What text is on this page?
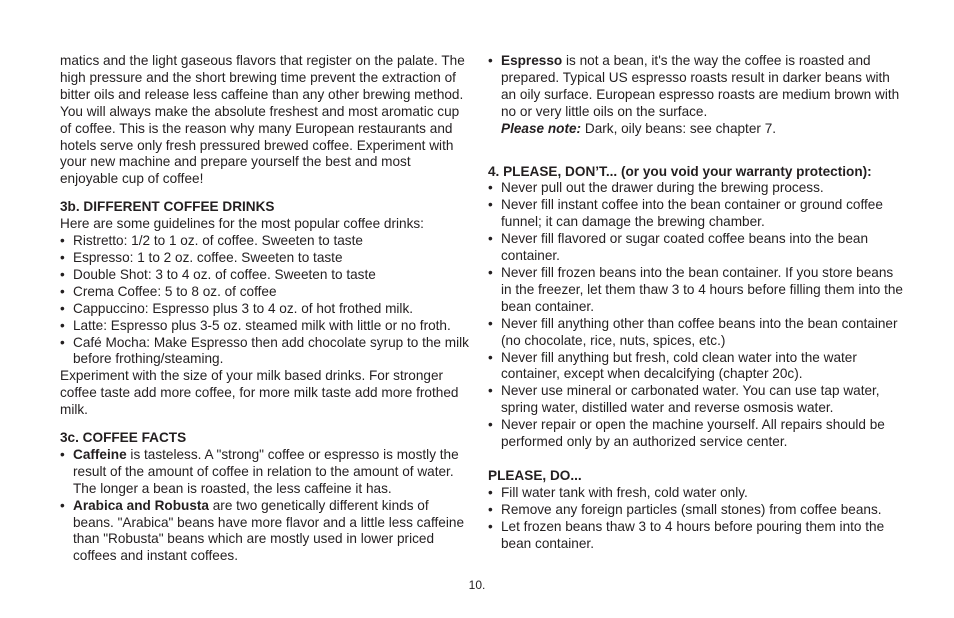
matics and the light gaseous flavors that register on the palate. The high pressure and the short brewing time prevent the extraction of bitter oils and release less caffeine than any other brewing method. You will always make the absolute freshest and most aromatic cup of coffee. This is the reason why many European restaurants and hotels serve only fresh pressured brewed coffee. Experiment with your new machine and prepare yourself the best and most enjoyable cup of coffee!

3b. DIFFERENT COFFEE DRINKS

Here are some guidelines for the most popular coffee drinks:

• Ristretto: 1/2 to 1 oz. of coffee. Sweeten to taste
• Espresso: 1 to 2 oz. coffee. Sweeten to taste
• Double Shot: 3 to 4 oz. of coffee. Sweeten to taste
• Crema Coffee: 5 to 8 oz. of coffee
• Cappuccino: Espresso plus 3 to 4 oz. of hot frothed milk.
• Latte: Espresso plus 3-5 oz. steamed milk with little or no froth.
• Café Mocha: Make Espresso then add chocolate syrup to the milk before frothing/steaming.

Experiment with the size of your milk based drinks. For stronger coffee taste add more coffee, for more milk taste add more frothed milk.

3c. COFFEE FACTS

• Caffeine is tasteless. A "strong" coffee or espresso is mostly the result of the amount of coffee in relation to the amount of water. The longer a bean is roasted, the less caffeine it has.
• Arabica and Robusta are two genetically different kinds of beans. "Arabica" beans have more flavor and a little less caffeine than "Robusta" beans which are mostly used in lower priced coffees and instant coffees.
• Espresso is not a bean, it's the way the coffee is roasted and prepared. Typical US espresso roasts result in darker beans with an oily surface. European espresso roasts are medium brown with no or very little oils on the surface.
Please note: Dark, oily beans: see chapter 7.

4. PLEASE, DON’T... (or you void your warranty protection):

• Never pull out the drawer during the brewing process.
• Never fill instant coffee into the bean container or ground coffee funnel; it can damage the brewing chamber.
• Never fill flavored or sugar coated coffee beans into the bean container.
• Never fill frozen beans into the bean container. If you store beans in the freezer, let them thaw 3 to 4 hours before filling them into the bean container.
• Never fill anything other than coffee beans into the bean container (no chocolate, rice, nuts, spices, etc.)
• Never fill anything but fresh, cold clean water into the water container, except when decalcifying (chapter 20c).
• Never use mineral or carbonated water. You can use tap water, spring water, distilled water and reverse osmosis water.
• Never repair or open the machine yourself. All repairs should be performed only by an authorized service center.

PLEASE, DO...

• Fill water tank with fresh, cold water only.
• Remove any foreign particles (small stones) from coffee beans.
• Let frozen beans thaw 3 to 4 hours before pouring them into the bean container.
10.
